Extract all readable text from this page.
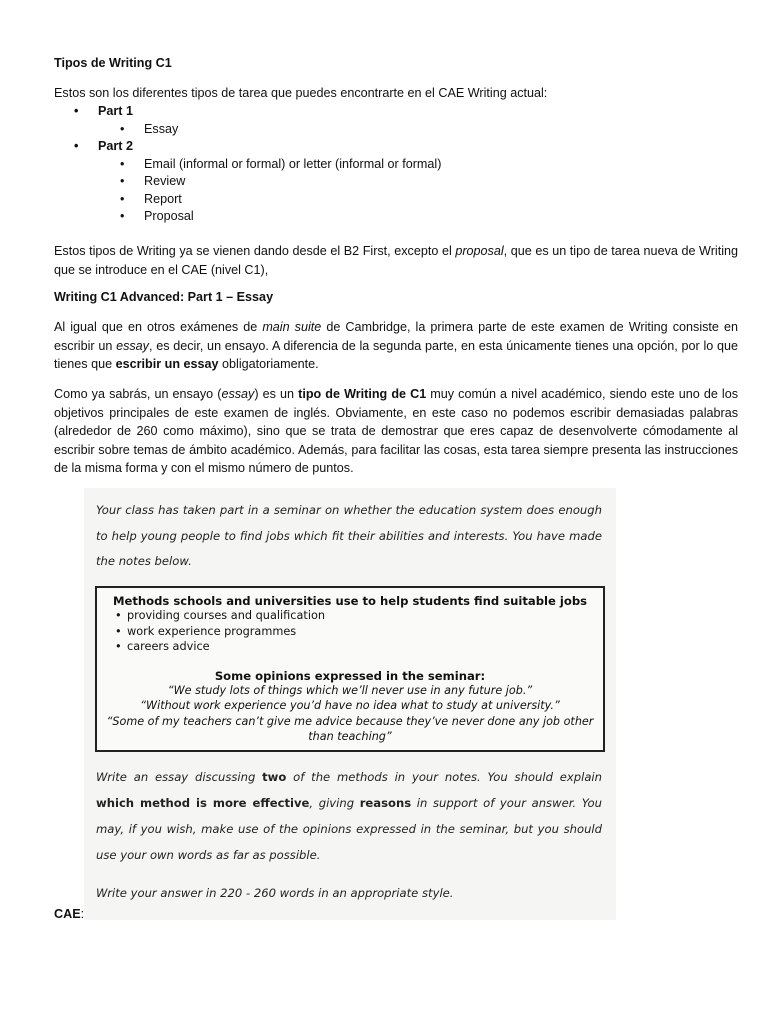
Tipos de Writing C1
Estos son los diferentes tipos de tarea que puedes encontrarte en el CAE Writing actual:
• Part 1
• Essay
• Part 2
• Email (informal or formal) or letter (informal or formal)
• Review
• Report
• Proposal

Estos tipos de Writing ya se vienen dando desde el B2 First, excepto el proposal, que es un tipo de tarea nueva de Writing que se introduce en el CAE (nivel C1),

Writing C1 Advanced: Part 1 – Essay

Al igual que en otros exámenes de main suite de Cambridge, la primera parte de este examen de Writing consiste en escribir un essay, es decir, un ensayo. A diferencia de la segunda parte, en esta únicamente tienes una opción, por lo que tienes que escribir un essay obligatoriamente.

Como ya sabrás, un ensayo (essay) es un tipo de Writing de C1 muy común a nivel académico, siendo este uno de los objetivos principales de este examen de inglés. Obviamente, en este caso no podemos escribir demasiadas palabras (alrededor de 260 como máximo), sino que se trata de demostrar que eres capaz de desenvolverte cómodamente al escribir sobre temas de ámbito académico. Además, para facilitar las cosas, esta tarea siempre presenta las instrucciones de la misma forma y con el mismo número de puntos.

Your class has taken part in a seminar on whether the education system does enough to help young people to find jobs which fit their abilities and interests. You have made the notes below.
Methods schools and universities use to help students find suitable jobs
• providing courses and qualification
• work experience programmes
• careers advice
Some opinions expressed in the seminar:
“We study lots of things which we’ll never use in any future job.”
“Without work experience you’d have no idea what to study at university.”
“Some of my teachers can’t give me advice because they’ve never done any job other than teaching”
Write an essay discussing two of the methods in your notes. You should explain which method is more effective, giving reasons in support of your answer. You may, if you wish, make use of the opinions expressed in the seminar, but you should use your own words as far as possible.
Write your answer in 220 - 260 words in an appropriate style.
CAE:
